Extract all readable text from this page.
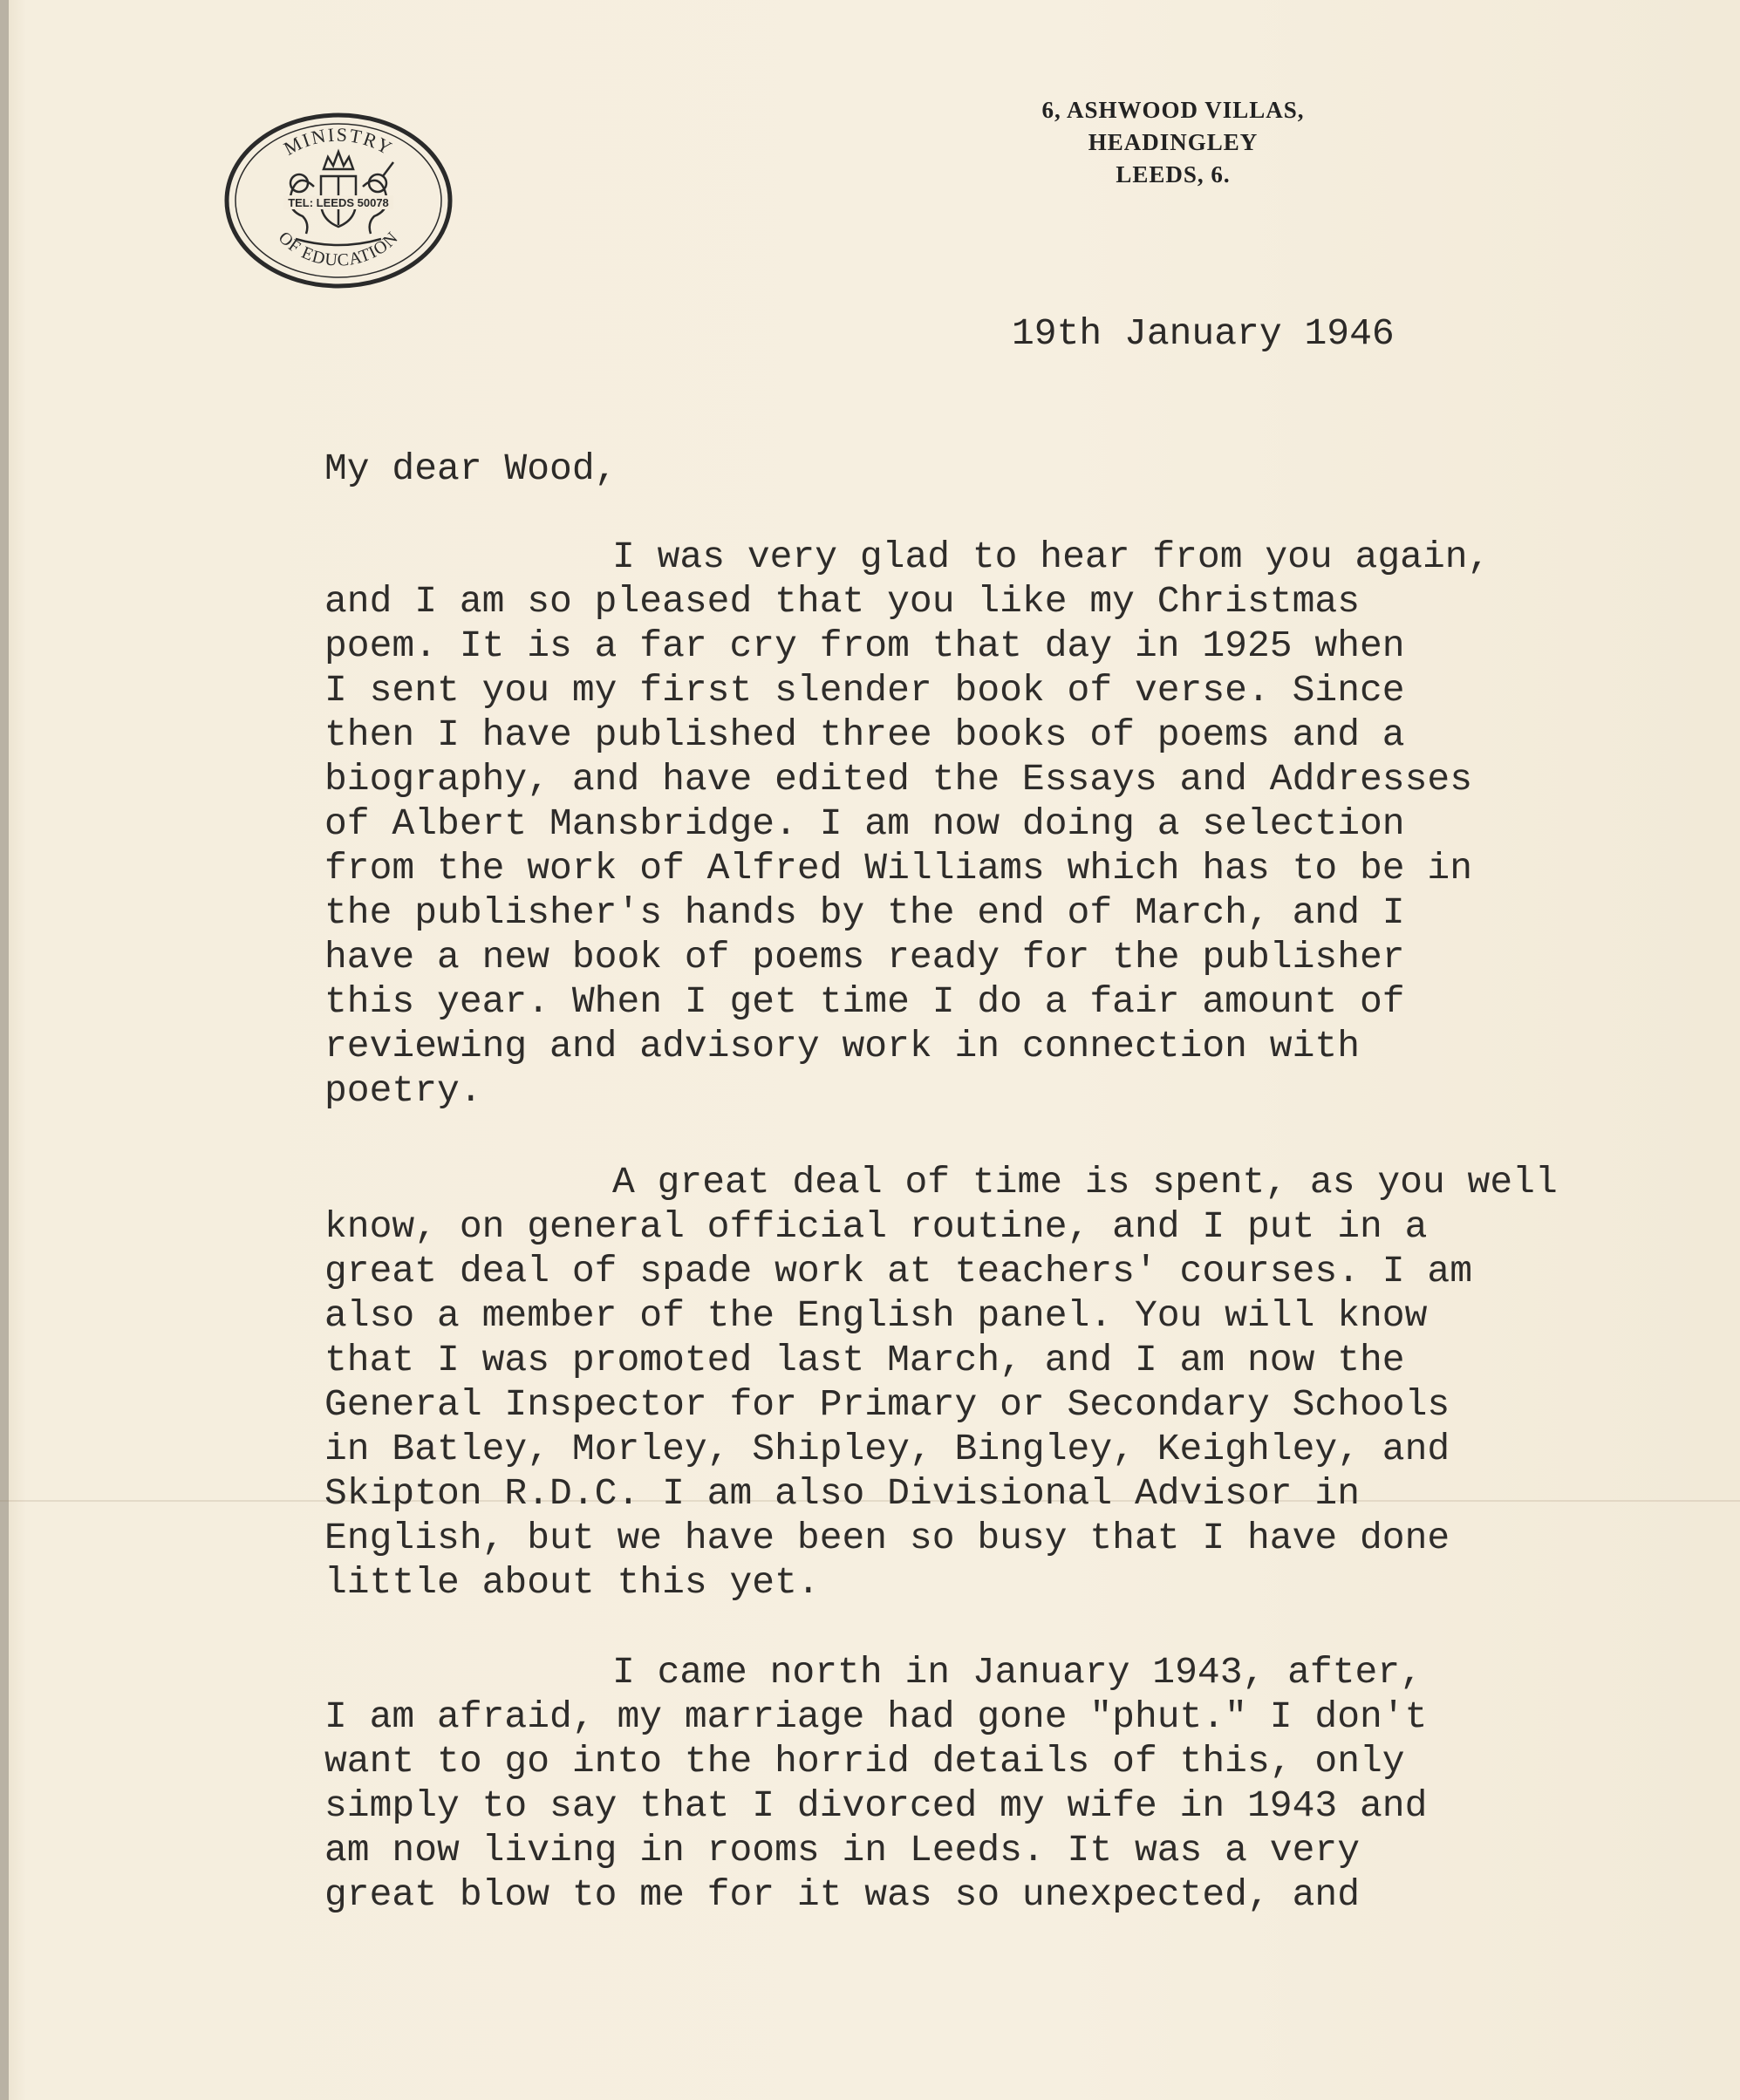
MINISTRY
OF EDUCATION
TEL: LEEDS 50078
6, ASHWOOD VILLAS,
HEADINGLEY
LEEDS, 6.
19th January 1946
My dear Wood,
I was very glad to hear from you again,
and I am so pleased that you like my Christmas
poem. It is a far cry from that day in 1925 when
I sent you my first slender book of verse. Since
then I have published three books of poems and a
biography, and have edited the Essays and Addresses
of Albert Mansbridge. I am now doing a selection
from the work of Alfred Williams which has to be in
the publisher's hands by the end of March, and I
have a new book of poems ready for the publisher
this year. When I get time I do a fair amount of
reviewing and advisory work in connection with
poetry.
A great deal of time is spent, as you well
know, on general official routine, and I put in a
great deal of spade work at teachers' courses. I am
also a member of the English panel. You will know
that I was promoted last March, and I am now the
General Inspector for Primary or Secondary Schools
in Batley, Morley, Shipley, Bingley, Keighley, and
Skipton R.D.C. I am also Divisional Advisor in
English, but we have been so busy that I have done
little about this yet.
I came north in January 1943, after,
I am afraid, my marriage had gone "phut." I don't
want to go into the horrid details of this, only
simply to say that I divorced my wife in 1943 and
am now living in rooms in Leeds. It was a very
great blow to me for it was so unexpected, and
